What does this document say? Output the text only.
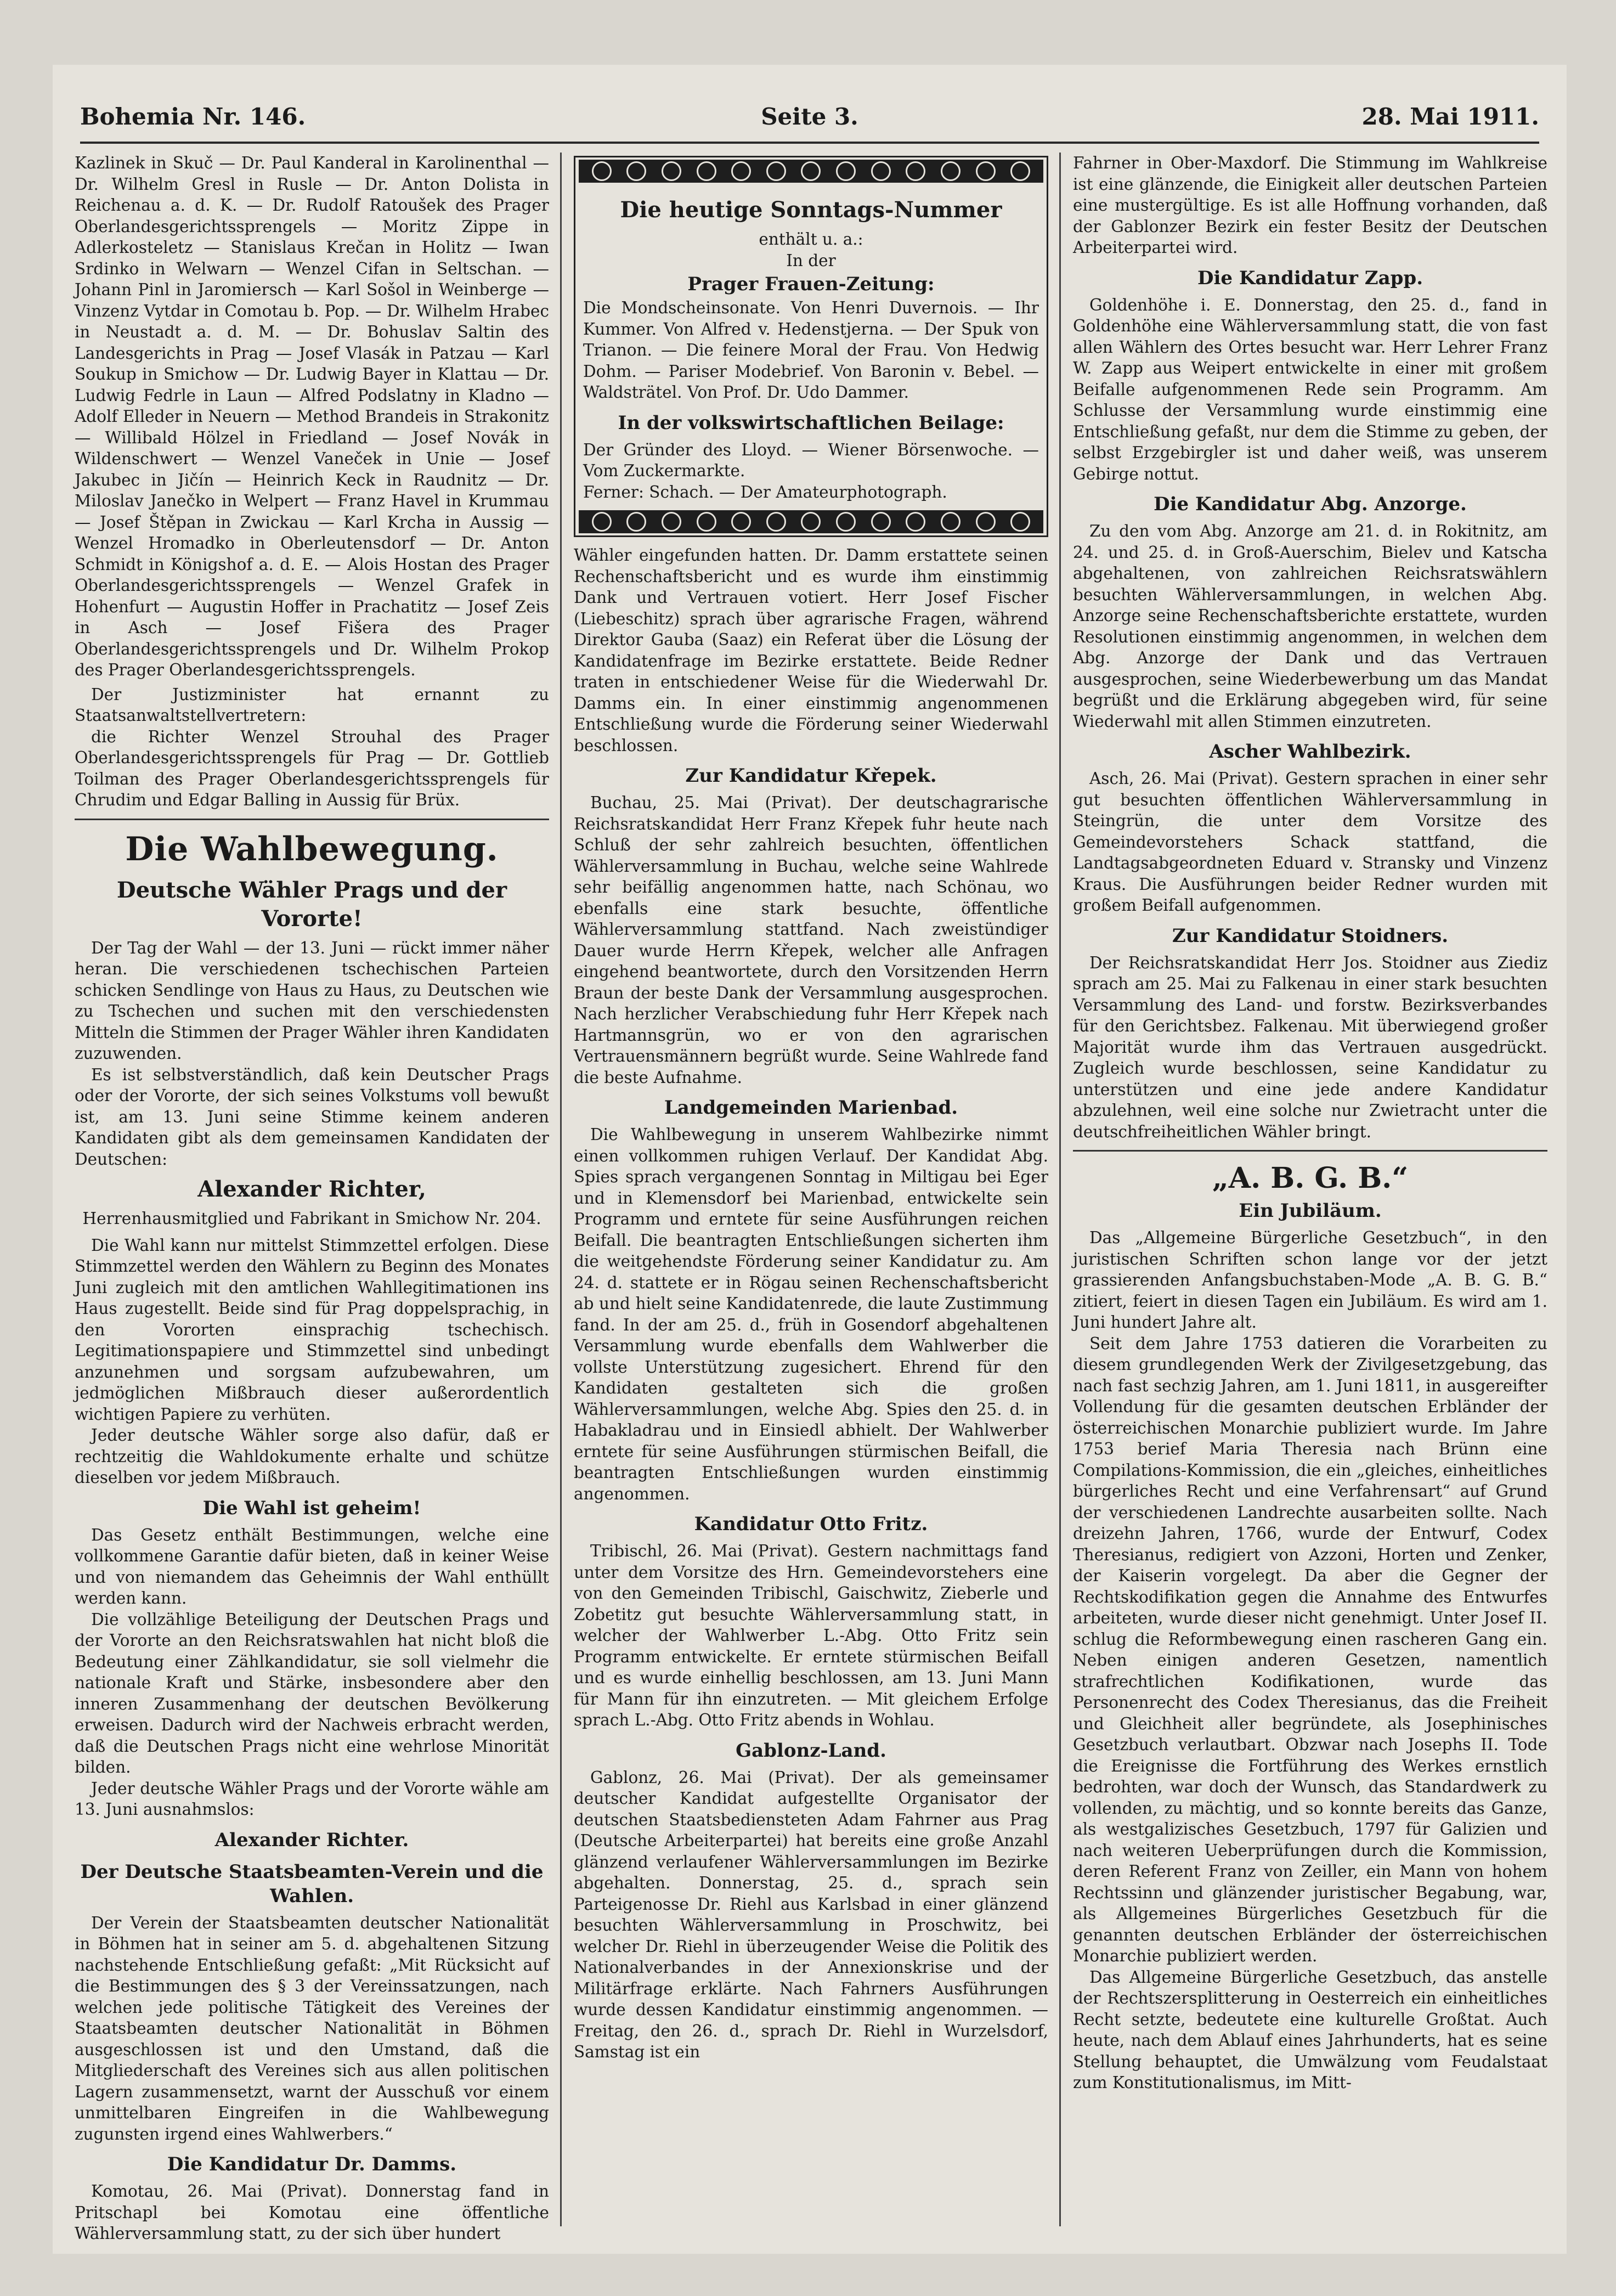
Bohemia Nr. 146.	Seite 3.	28. Mai 1911.

Kazlinek in Skuč — Dr. Paul Kanderal in Karolinenthal — Dr. Wilhelm Gresl in Rusle — Dr. Anton Dolista in Reichenau a. d. K. — Dr. Rudolf Ratoušek des Prager Oberlandesgerichtssprengels — Moritz Zippe in Adlerkosteletz — Stanislaus Krečan in Holitz — Iwan Srdinko in Welwarn — Wenzel Cifan in Seltschan. — Johann Pinl in Jaromiersch — Karl Sošol in Weinberge — Vinzenz Vytdar in Comotau b. Pop. — Dr. Wilhelm Hrabec in Neustadt a. d. M. — Dr. Bohuslav Saltin des Landesgerichts in Prag — Josef Vlasák in Patzau — Karl Soukup in Smichow — Dr. Ludwig Bayer in Klattau — Dr. Ludwig Fedrle in Laun — Alfred Podslatny in Kladno — Adolf Elleder in Neuern — Method Brandeis in Strakonitz — Willibald Hölzel in Friedland — Josef Novák in Wildenschwert — Wenzel Vaneček in Unie — Josef Jakubec in Jičín — Heinrich Keck in Raudnitz — Dr. Miloslav Janečko in Welpert — Franz Havel in Krummau — Josef Štěpan in Zwickau — Karl Krcha in Aussig — Wenzel Hromadko in Oberleutensdorf — Dr. Anton Schmidt in Königshof a. d. E. — Alois Hostan des Prager Oberlandesgerichtssprengels — Wenzel Grafek in Hohenfurt — Augustin Hoffer in Prachatitz — Josef Zeis in Asch — Josef Fišera des Prager Oberlandesgerichtssprengels und Dr. Wilhelm Prokop des Prager Oberlandesgerichtssprengels.

Der Justizminister hat ernannt zu Staatsanwaltstellvertretern:

die Richter Wenzel Strouhal des Prager Oberlandesgerichtssprengels für Prag — Dr. Gottlieb Toilman des Prager Oberlandesgerichtssprengels für Chrudim und Edgar Balling in Aussig für Brüx.

Die Wahlbewegung.
Deutsche Wähler Prags und der Vororte!

Der Tag der Wahl — der 13. Juni — rückt immer näher heran. Die verschiedenen tschechischen Parteien schicken Sendlinge von Haus zu Haus, zu Deutschen wie zu Tschechen und suchen mit den verschiedensten Mitteln die Stimmen der Prager Wähler ihren Kandidaten zuzuwenden.

Es ist selbstverständlich, daß kein Deutscher Prags oder der Vororte, der sich seines Volkstums voll bewußt ist, am 13. Juni seine Stimme keinem anderen Kandidaten gibt als dem gemeinsamen Kandidaten der Deutschen:

Alexander Richter,
Herrenhausmitglied und Fabrikant in Smichow Nr. 204.

Die Wahl kann nur mittelst Stimmzettel erfolgen. Diese Stimmzettel werden den Wählern zu Beginn des Monates Juni zugleich mit den amtlichen Wahllegitimationen ins Haus zugestellt. Beide sind für Prag doppelsprachig, in den Vororten einsprachig tschechisch. Legitimationspapiere und Stimmzettel sind unbedingt anzunehmen und sorgsam aufzubewahren, um jedmöglichen Mißbrauch dieser außerordentlich wichtigen Papiere zu verhüten.

Jeder deutsche Wähler sorge also dafür, daß er rechtzeitig die Wahldokumente erhalte und schütze dieselben vor jedem Mißbrauch.

Die Wahl ist geheim!

Das Gesetz enthält Bestimmungen, welche eine vollkommene Garantie dafür bieten, daß in keiner Weise und von niemandem das Geheimnis der Wahl enthüllt werden kann.

Die vollzählige Beteiligung der Deutschen Prags und der Vororte an den Reichsratswahlen hat nicht bloß die Bedeutung einer Zählkandidatur, sie soll vielmehr die nationale Kraft und Stärke, insbesondere aber den inneren Zusammenhang der deutschen Bevölkerung erweisen. Dadurch wird der Nachweis erbracht werden, daß die Deutschen Prags nicht eine wehrlose Minorität bilden.

Jeder deutsche Wähler Prags und der Vororte wähle am 13. Juni ausnahmslos:

Alexander Richter.
Der Deutsche Staatsbeamten-Verein und die Wahlen.

Der Verein der Staatsbeamten deutscher Nationalität in Böhmen hat in seiner am 5. d. abgehaltenen Sitzung nachstehende Entschließung gefaßt: „Mit Rücksicht auf die Bestimmungen des § 3 der Vereinssatzungen, nach welchen jede politische Tätigkeit des Vereines der Staatsbeamten deutscher Nationalität in Böhmen ausgeschlossen ist und den Umstand, daß die Mitgliederschaft des Vereines sich aus allen politischen Lagern zusammensetzt, warnt der Ausschuß vor einem unmittelbaren Eingreifen in die Wahlbewegung zugunsten irgend eines Wahlwerbers.“

Die Kandidatur Dr. Damms.

Komotau, 26. Mai (Privat). Donnerstag fand in Pritschapl bei Komotau eine öffentliche Wählerversammlung statt, zu der sich über hundert

Die heutige Sonntags-Nummer
enthält u. a.:
In der
Prager Frauen-Zeitung:

Die Mondscheinsonate. Von Henri Duvernois. — Ihr Kummer. Von Alfred v. Hedenstjerna. — Der Spuk von Trianon. — Die feinere Moral der Frau. Von Hedwig Dohm. — Pariser Modebrief. Von Baronin v. Bebel. — Waldsträtel. Von Prof. Dr. Udo Dammer.

In der volkswirtschaftlichen Beilage:

Der Gründer des Lloyd. — Wiener Börsenwoche. — Vom Zuckermarkte.

Ferner: Schach. — Der Amateurphotograph.

Wähler eingefunden hatten. Dr. Damm erstattete seinen Rechenschaftsbericht und es wurde ihm einstimmig Dank und Vertrauen votiert. Herr Josef Fischer (Liebeschitz) sprach über agrarische Fragen, während Direktor Gauba (Saaz) ein Referat über die Lösung der Kandidatenfrage im Bezirke erstattete. Beide Redner traten in entschiedener Weise für die Wiederwahl Dr. Damms ein. In einer einstimmig angenommenen Entschließung wurde die Förderung seiner Wiederwahl beschlossen.

Zur Kandidatur Křepek.

Buchau, 25. Mai (Privat). Der deutschagrarische Reichsratskandidat Herr Franz Křepek fuhr heute nach Schluß der sehr zahlreich besuchten, öffentlichen Wählerversammlung in Buchau, welche seine Wahlrede sehr beifällig angenommen hatte, nach Schönau, wo ebenfalls eine stark besuchte, öffentliche Wählerversammlung stattfand. Nach zweistündiger Dauer wurde Herrn Křepek, welcher alle Anfragen eingehend beantwortete, durch den Vorsitzenden Herrn Braun der beste Dank der Versammlung ausgesprochen. Nach herzlicher Verabschiedung fuhr Herr Křepek nach Hartmannsgrün, wo er von den agrarischen Vertrauensmännern begrüßt wurde. Seine Wahlrede fand die beste Aufnahme.

Landgemeinden Marienbad.

Die Wahlbewegung in unserem Wahlbezirke nimmt einen vollkommen ruhigen Verlauf. Der Kandidat Abg. Spies sprach vergangenen Sonntag in Miltigau bei Eger und in Klemensdorf bei Marienbad, entwickelte sein Programm und erntete für seine Ausführungen reichen Beifall. Die beantragten Entschließungen sicherten ihm die weitgehendste Förderung seiner Kandidatur zu. Am 24. d. stattete er in Rögau seinen Rechenschaftsbericht ab und hielt seine Kandidatenrede, die laute Zustimmung fand. In der am 25. d., früh in Gosendorf abgehaltenen Versammlung wurde ebenfalls dem Wahlwerber die vollste Unterstützung zugesichert. Ehrend für den Kandidaten gestalteten sich die großen Wählerversammlungen, welche Abg. Spies den 25. d. in Habakladrau und in Einsiedl abhielt. Der Wahlwerber erntete für seine Ausführungen stürmischen Beifall, die beantragten Entschließungen wurden einstimmig angenommen.

Kandidatur Otto Fritz.

Tribischl, 26. Mai (Privat). Gestern nachmittags fand unter dem Vorsitze des Hrn. Gemeindevorstehers eine von den Gemeinden Tribischl, Gaischwitz, Zieberle und Zobetitz gut besuchte Wählerversammlung statt, in welcher der Wahlwerber L.-Abg. Otto Fritz sein Programm entwickelte. Er erntete stürmischen Beifall und es wurde einhellig beschlossen, am 13. Juni Mann für Mann für ihn einzutreten. — Mit gleichem Erfolge sprach L.-Abg. Otto Fritz abends in Wohlau.

Gablonz-Land.

Gablonz, 26. Mai (Privat). Der als gemeinsamer deutscher Kandidat aufgestellte Organisator der deutschen Staatsbediensteten Adam Fahrner aus Prag (Deutsche Arbeiterpartei) hat bereits eine große Anzahl glänzend verlaufener Wählerversammlungen im Bezirke abgehalten. Donnerstag, 25. d., sprach sein Parteigenosse Dr. Riehl aus Karlsbad in einer glänzend besuchten Wählerversammlung in Proschwitz, bei welcher Dr. Riehl in überzeugender Weise die Politik des Nationalverbandes in der Annexionskrise und der Militärfrage erklärte. Nach Fahrners Ausführungen wurde dessen Kandidatur einstimmig angenommen. — Freitag, den 26. d., sprach Dr. Riehl in Wurzelsdorf, Samstag ist ein

Fahrner in Ober-Maxdorf. Die Stimmung im Wahlkreise ist eine glänzende, die Einigkeit aller deutschen Parteien eine mustergültige. Es ist alle Hoffnung vorhanden, daß der Gablonzer Bezirk ein fester Besitz der Deutschen Arbeiterpartei wird.

Die Kandidatur Zapp.

Goldenhöhe i. E. Donnerstag, den 25. d., fand in Goldenhöhe eine Wählerversammlung statt, die von fast allen Wählern des Ortes besucht war. Herr Lehrer Franz W. Zapp aus Weipert entwickelte in einer mit großem Beifalle aufgenommenen Rede sein Programm. Am Schlusse der Versammlung wurde einstimmig eine Entschließung gefaßt, nur dem die Stimme zu geben, der selbst Erzgebirgler ist und daher weiß, was unserem Gebirge nottut.

Die Kandidatur Abg. Anzorge.

Zu den vom Abg. Anzorge am 21. d. in Rokitnitz, am 24. und 25. d. in Groß-Auerschim, Bielev und Katscha abgehaltenen, von zahlreichen Reichsratswählern besuchten Wählerversammlungen, in welchen Abg. Anzorge seine Rechenschaftsberichte erstattete, wurden Resolutionen einstimmig angenommen, in welchen dem Abg. Anzorge der Dank und das Vertrauen ausgesprochen, seine Wiederbewerbung um das Mandat begrüßt und die Erklärung abgegeben wird, für seine Wiederwahl mit allen Stimmen einzutreten.

Ascher Wahlbezirk.

Asch, 26. Mai (Privat). Gestern sprachen in einer sehr gut besuchten öffentlichen Wählerversammlung in Steingrün, die unter dem Vorsitze des Gemeindevorstehers Schack stattfand, die Landtagsabgeordneten Eduard v. Stransky und Vinzenz Kraus. Die Ausführungen beider Redner wurden mit großem Beifall aufgenommen.

Zur Kandidatur Stoidners.

Der Reichsratskandidat Herr Jos. Stoidner aus Ziediz sprach am 25. Mai zu Falkenau in einer stark besuchten Versammlung des Land- und forstw. Bezirksverbandes für den Gerichtsbez. Falkenau. Mit überwiegend großer Majorität wurde ihm das Vertrauen ausgedrückt. Zugleich wurde beschlossen, seine Kandidatur zu unterstützen und eine jede andere Kandidatur abzulehnen, weil eine solche nur Zwietracht unter die deutschfreiheitlichen Wähler bringt.

„A. B. G. B.“
Ein Jubiläum.

Das „Allgemeine Bürgerliche Gesetzbuch“, in den juristischen Schriften schon lange vor der jetzt grassierenden Anfangsbuchstaben-Mode „A. B. G. B.“ zitiert, feiert in diesen Tagen ein Jubiläum. Es wird am 1. Juni hundert Jahre alt.

Seit dem Jahre 1753 datieren die Vorarbeiten zu diesem grundlegenden Werk der Zivilgesetzgebung, das nach fast sechzig Jahren, am 1. Juni 1811, in ausgereifter Vollendung für die gesamten deutschen Erbländer der österreichischen Monarchie publiziert wurde. Im Jahre 1753 berief Maria Theresia nach Brünn eine Compilations-Kommission, die ein „gleiches, einheitliches bürgerliches Recht und eine Verfahrensart“ auf Grund der verschiedenen Landrechte ausarbeiten sollte. Nach dreizehn Jahren, 1766, wurde der Entwurf, Codex Theresianus, redigiert von Azzoni, Horten und Zenker, der Kaiserin vorgelegt. Da aber die Gegner der Rechtskodifikation gegen die Annahme des Entwurfes arbeiteten, wurde dieser nicht genehmigt. Unter Josef II. schlug die Reformbewegung einen rascheren Gang ein. Neben einigen anderen Gesetzen, namentlich strafrechtlichen Kodifikationen, wurde das Personenrecht des Codex Theresianus, das die Freiheit und Gleichheit aller begründete, als Josephinisches Gesetzbuch verlautbart. Obzwar nach Josephs II. Tode die Ereignisse die Fortführung des Werkes ernstlich bedrohten, war doch der Wunsch, das Standardwerk zu vollenden, zu mächtig, und so konnte bereits das Ganze, als westgalizisches Gesetzbuch, 1797 für Galizien und nach weiteren Ueberprüfungen durch die Kommission, deren Referent Franz von Zeiller, ein Mann von hohem Rechtssinn und glänzender juristischer Begabung, war, als Allgemeines Bürgerliches Gesetzbuch für die genannten deutschen Erbländer der österreichischen Monarchie publiziert werden.

Das Allgemeine Bürgerliche Gesetzbuch, das anstelle der Rechtszersplitterung in Oesterreich ein einheitliches Recht setzte, bedeutete eine kulturelle Großtat. Auch heute, nach dem Ablauf eines Jahrhunderts, hat es seine Stellung behauptet, die Umwälzung vom Feudalstaat zum Konstitutionalismus, im Mitt-
